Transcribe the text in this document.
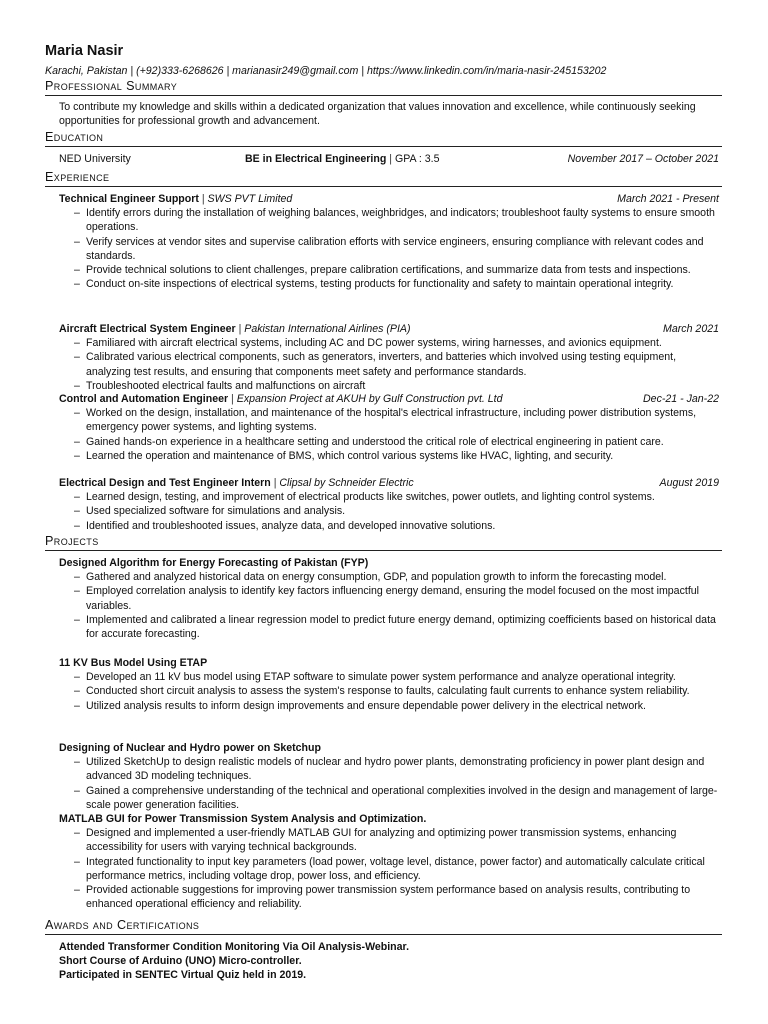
Maria Nasir
Karachi, Pakistan | (+92)333-6268626 | marianasir249@gmail.com | https://www.linkedin.com/in/maria-nasir-245153202
Professional Summary
To contribute my knowledge and skills within a dedicated organization that values innovation and excellence, while continuously seeking opportunities for professional growth and advancement.
Education
NED University	BE in Electrical Engineering | GPA : 3.5	November 2017 – October 2021
Experience
Technical Engineer Support | SWS PVT Limited	March 2021 - Present
– Identify errors during the installation of weighing balances, weighbridges, and indicators; troubleshoot faulty systems to ensure smooth operations.
– Verify services at vendor sites and supervise calibration efforts with service engineers, ensuring compliance with relevant codes and standards.
– Provide technical solutions to client challenges, prepare calibration certifications, and summarize data from tests and inspections.
– Conduct on-site inspections of electrical systems, testing products for functionality and safety to maintain operational integrity.
Aircraft Electrical System Engineer | Pakistan International Airlines (PIA)	March 2021
– Familiared with aircraft electrical systems, including AC and DC power systems, wiring harnesses, and avionics equipment.
– Calibrated various electrical components, such as generators, inverters, and batteries which involved using testing equipment, analyzing test results, and ensuring that components meet safety and performance standards.
– Troubleshooted electrical faults and malfunctions on aircraft
Control and Automation Engineer | Expansion Project at AKUH by Gulf Construction pvt. Ltd	Dec-21 - Jan-22
– Worked on the design, installation, and maintenance of the hospital's electrical infrastructure, including power distribution systems, emergency power systems, and lighting systems.
– Gained hands-on experience in a healthcare setting and understood the critical role of electrical engineering in patient care.
– Learned the operation and maintenance of BMS, which control various systems like HVAC, lighting, and security.
Electrical Design and Test Engineer Intern | Clipsal by Schneider Electric	August 2019
– Learned design, testing, and improvement of electrical products like switches, power outlets, and lighting control systems.
– Used specialized software for simulations and analysis.
– Identified and troubleshooted issues, analyze data, and developed innovative solutions.
Projects
Designed Algorithm for Energy Forecasting of Pakistan (FYP)
– Gathered and analyzed historical data on energy consumption, GDP, and population growth to inform the forecasting model.
– Employed correlation analysis to identify key factors influencing energy demand, ensuring the model focused on the most impactful variables.
– Implemented and calibrated a linear regression model to predict future energy demand, optimizing coefficients based on historical data for accurate forecasting.
11 KV Bus Model Using ETAP
– Developed an 11 kV bus model using ETAP software to simulate power system performance and analyze operational integrity.
– Conducted short circuit analysis to assess the system's response to faults, calculating fault currents to enhance system reliability.
– Utilized analysis results to inform design improvements and ensure dependable power delivery in the electrical network.
Designing of Nuclear and Hydro power on Sketchup
– Utilized SketchUp to design realistic models of nuclear and hydro power plants, demonstrating proficiency in power plant design and advanced 3D modeling techniques.
– Gained a comprehensive understanding of the technical and operational complexities involved in the design and management of large-scale power generation facilities.
MATLAB GUI for Power Transmission System Analysis and Optimization.
– Designed and implemented a user-friendly MATLAB GUI for analyzing and optimizing power transmission systems, enhancing accessibility for users with varying technical backgrounds.
– Integrated functionality to input key parameters (load power, voltage level, distance, power factor) and automatically calculate critical performance metrics, including voltage drop, power loss, and efficiency.
– Provided actionable suggestions for improving power transmission system performance based on analysis results, contributing to enhanced operational efficiency and reliability.
Awards and Certifications
Attended Transformer Condition Monitoring Via Oil Analysis-Webinar.
Short Course of Arduino (UNO) Micro-controller.
Participated in SENTEC Virtual Quiz held in 2019.
